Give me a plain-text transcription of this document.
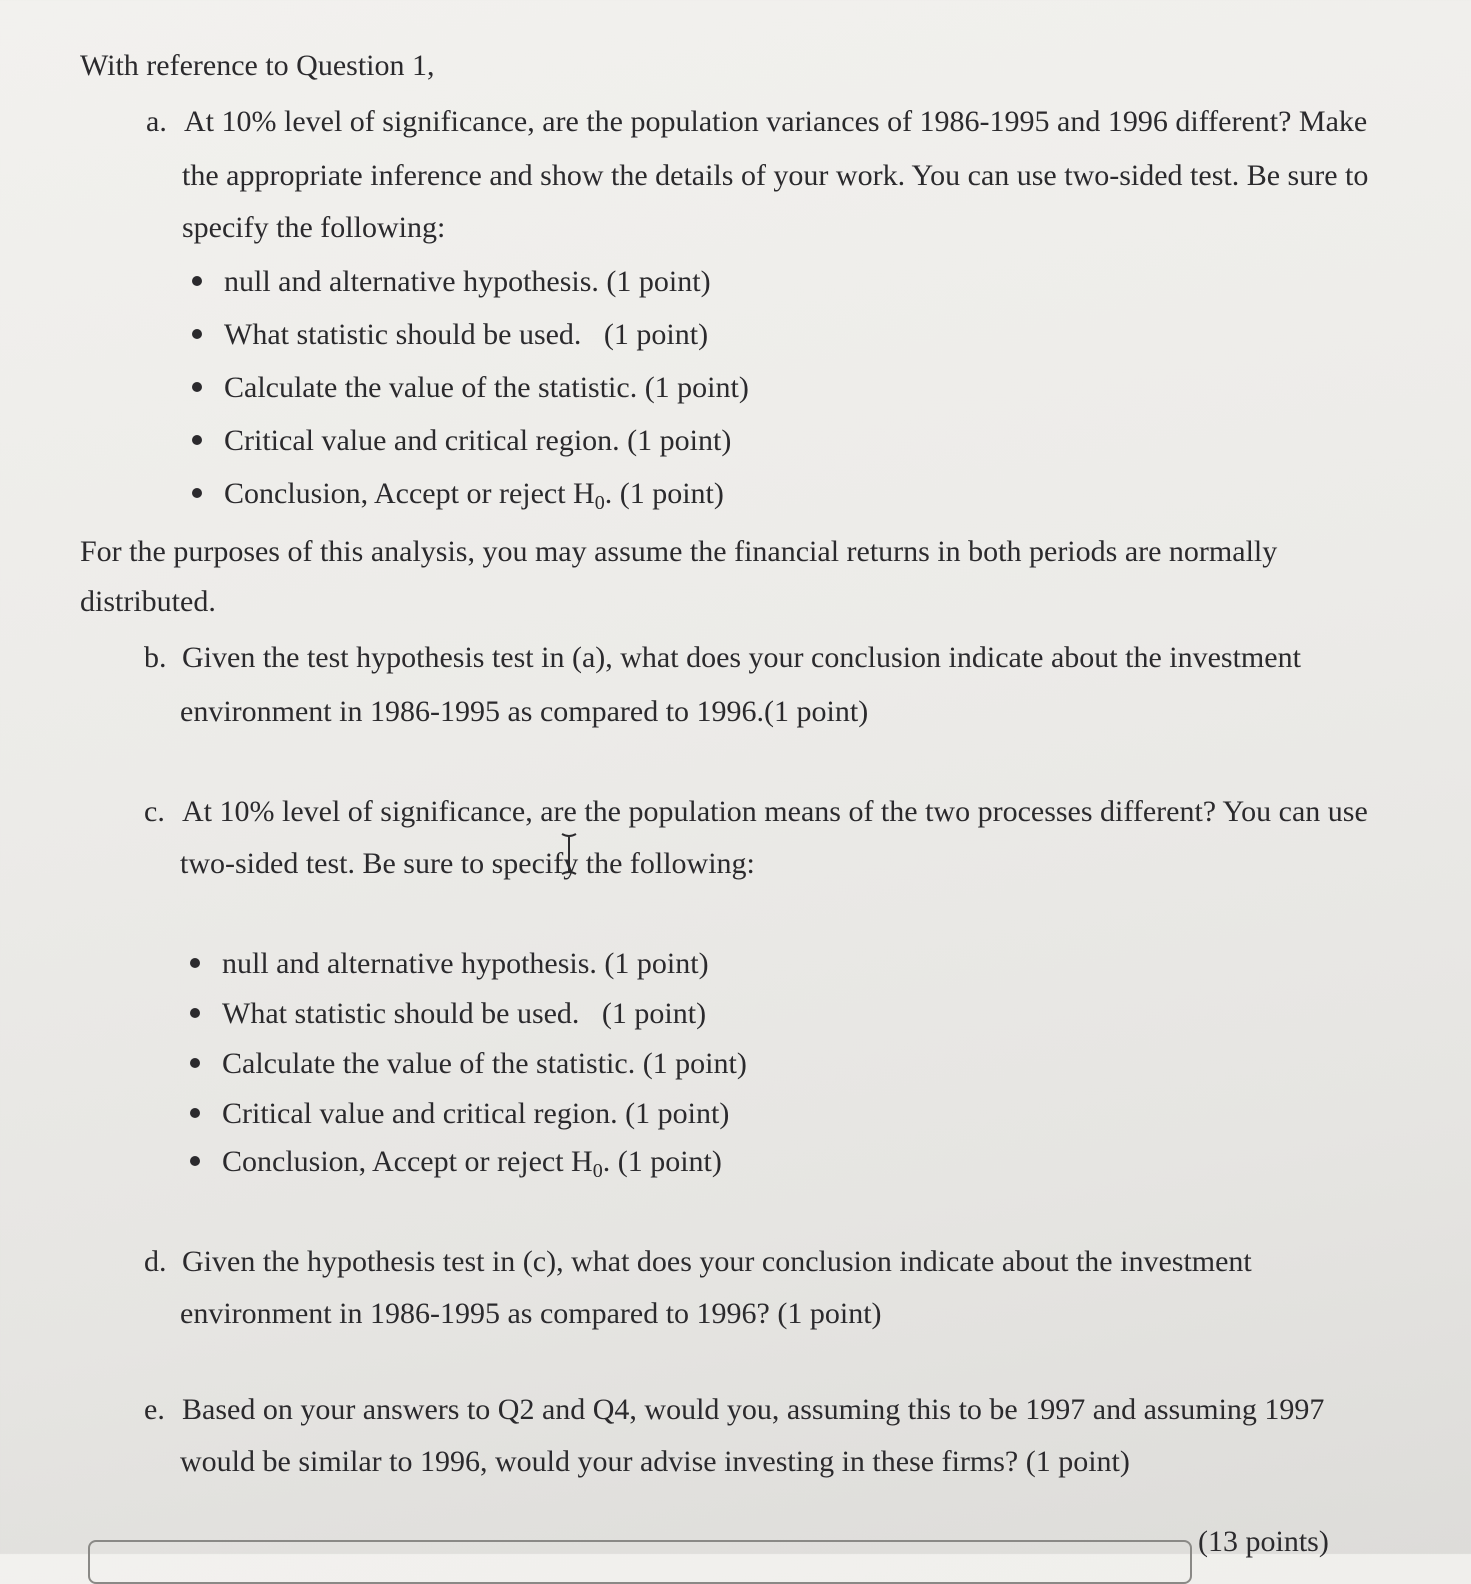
With reference to Question 1,
a. At 10% level of significance, are the population variances of 1986-1995 and 1996 different? Make
the appropriate inference and show the details of your work. You can use two-sided test. Be sure to
specify the following:
null and alternative hypothesis. (1 point)
What statistic should be used.   (1 point)
Calculate the value of the statistic. (1 point)
Critical value and critical region. (1 point)
Conclusion, Accept or reject $H_0$. (1 point)
For the purposes of this analysis, you may assume the financial returns in both periods are normally
distributed.
b. Given the test hypothesis test in (a), what does your conclusion indicate about the investment
environment in 1986-1995 as compared to 1996.(1 point)
c. At 10% level of significance, are the population means of the two processes different? You can use
two-sided test. Be sure to specify the following:
null and alternative hypothesis. (1 point)
What statistic should be used.   (1 point)
Calculate the value of the statistic. (1 point)
Critical value and critical region. (1 point)
Conclusion, Accept or reject $H_0$. (1 point)
d. Given the hypothesis test in (c), what does your conclusion indicate about the investment
environment in 1986-1995 as compared to 1996? (1 point)
e. Based on your answers to Q2 and Q4, would you, assuming this to be 1997 and assuming 1997
would be similar to 1996, would your advise investing in these firms? (1 point)
(13 points)
